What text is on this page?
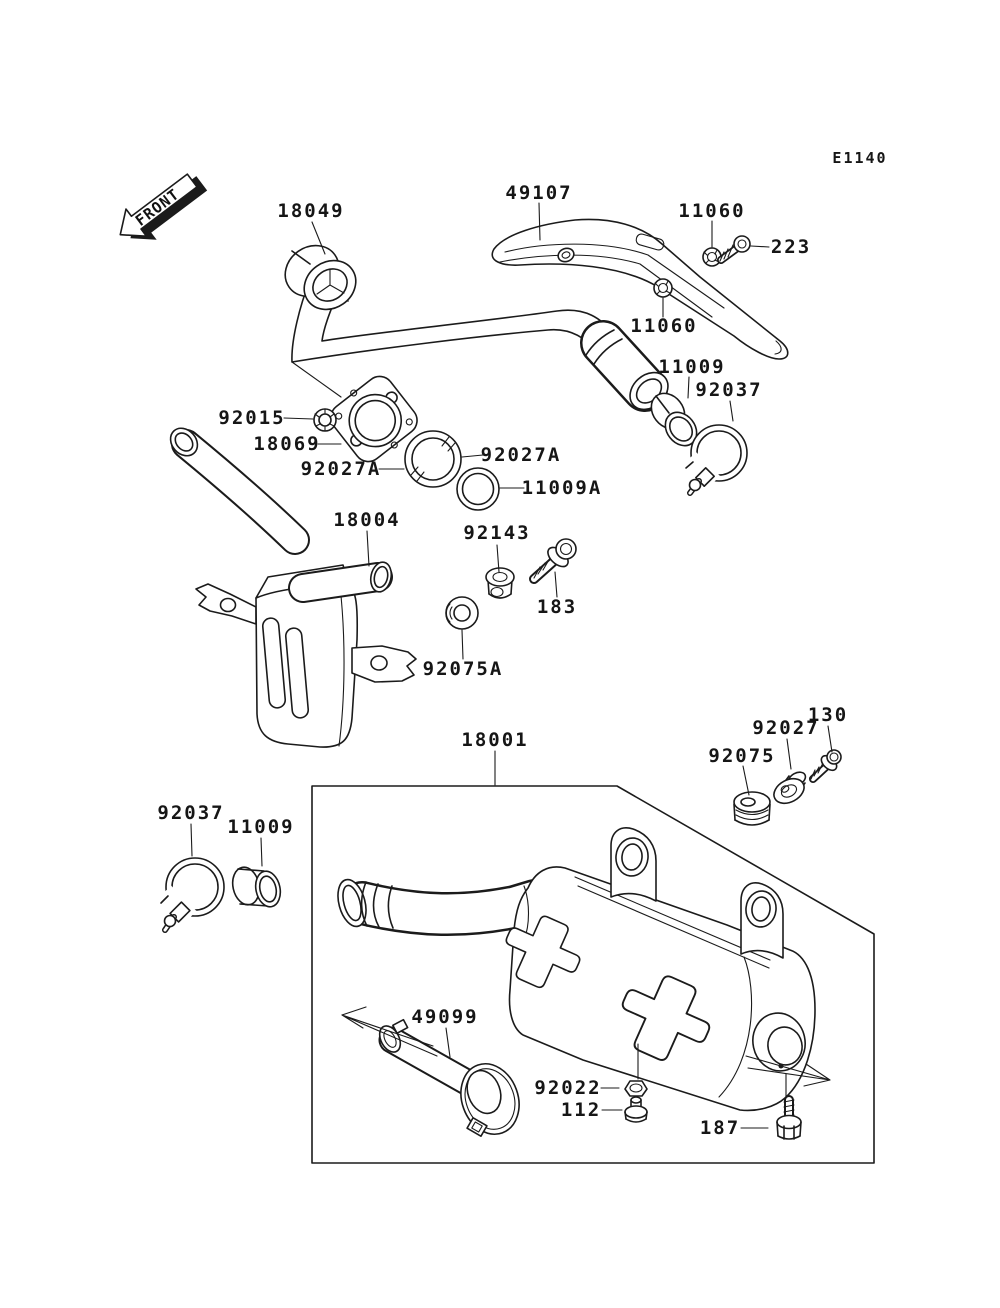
FRONT
E1140
18049
49107
11060
223
11060
11009
92037
92015
18069	92027A
92027A
11009A
18004
92143
183
92075A
18001
130
92027
92075
92037
11009
49099
92022
112
187
